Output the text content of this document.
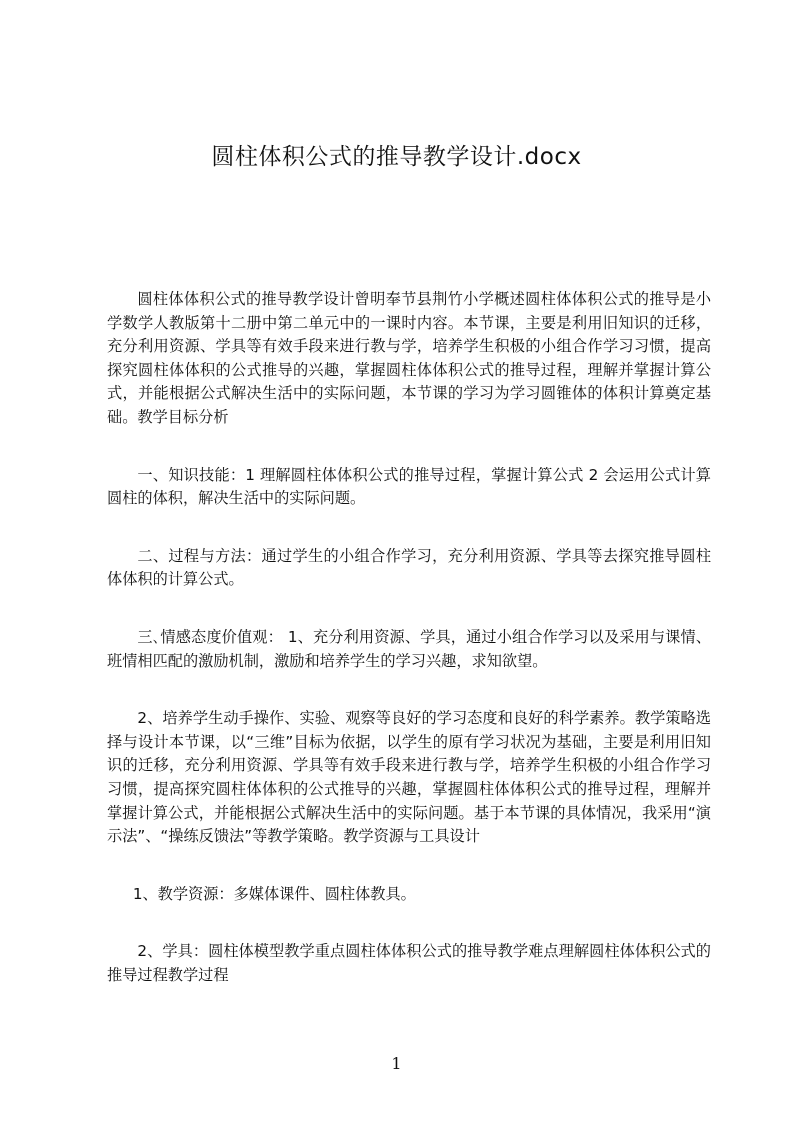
圆柱体积公式的推导教学设计.docx

圆柱体体积公式的推导教学设计曾明奉节县荆竹小学概述圆柱体体积公式的推导是小学数学人教版第十二册中第二单元中的一课时内容。本节课，主要是利用旧知识的迁移，充分利用资源、学具等有效手段来进行教与学，培养学生积极的小组合作学习习惯，提高探究圆柱体体积的公式推导的兴趣，掌握圆柱体体积公式的推导过程，理解并掌握计算公式，并能根据公式解决生活中的实际问题，本节课的学习为学习圆锥体的体积计算奠定基础。教学目标分析

一、知识技能：1 理解圆柱体体积公式的推导过程，掌握计算公式 2 会运用公式计算圆柱的体积，解决生活中的实际问题。

二、过程与方法：通过学生的小组合作学习，充分利用资源、学具等去探究推导圆柱体体积的计算公式。

三､情感态度价值观： 1、充分利用资源、学具，通过小组合作学习以及采用与课情、班情相匹配的激励机制，激励和培养学生的学习兴趣，求知欲望。

2、培养学生动手操作、实验、观察等良好的学习态度和良好的科学素养。教学策略选择与设计本节课，以“三维”目标为依据，以学生的原有学习状况为基础，主要是利用旧知识的迁移，充分利用资源、学具等有效手段来进行教与学，培养学生积极的小组合作学习习惯，提高探究圆柱体体积的公式推导的兴趣，掌握圆柱体体积公式的推导过程，理解并掌握计算公式，并能根据公式解决生活中的实际问题。基于本节课的具体情况，我采用“演示法”、“操练反馈法”等教学策略。教学资源与工具设计

1、教学资源：多媒体课件、圆柱体教具。

2、学具：圆柱体模型教学重点圆柱体体积公式的推导教学难点理解圆柱体体积公式的推导过程教学过程

1
